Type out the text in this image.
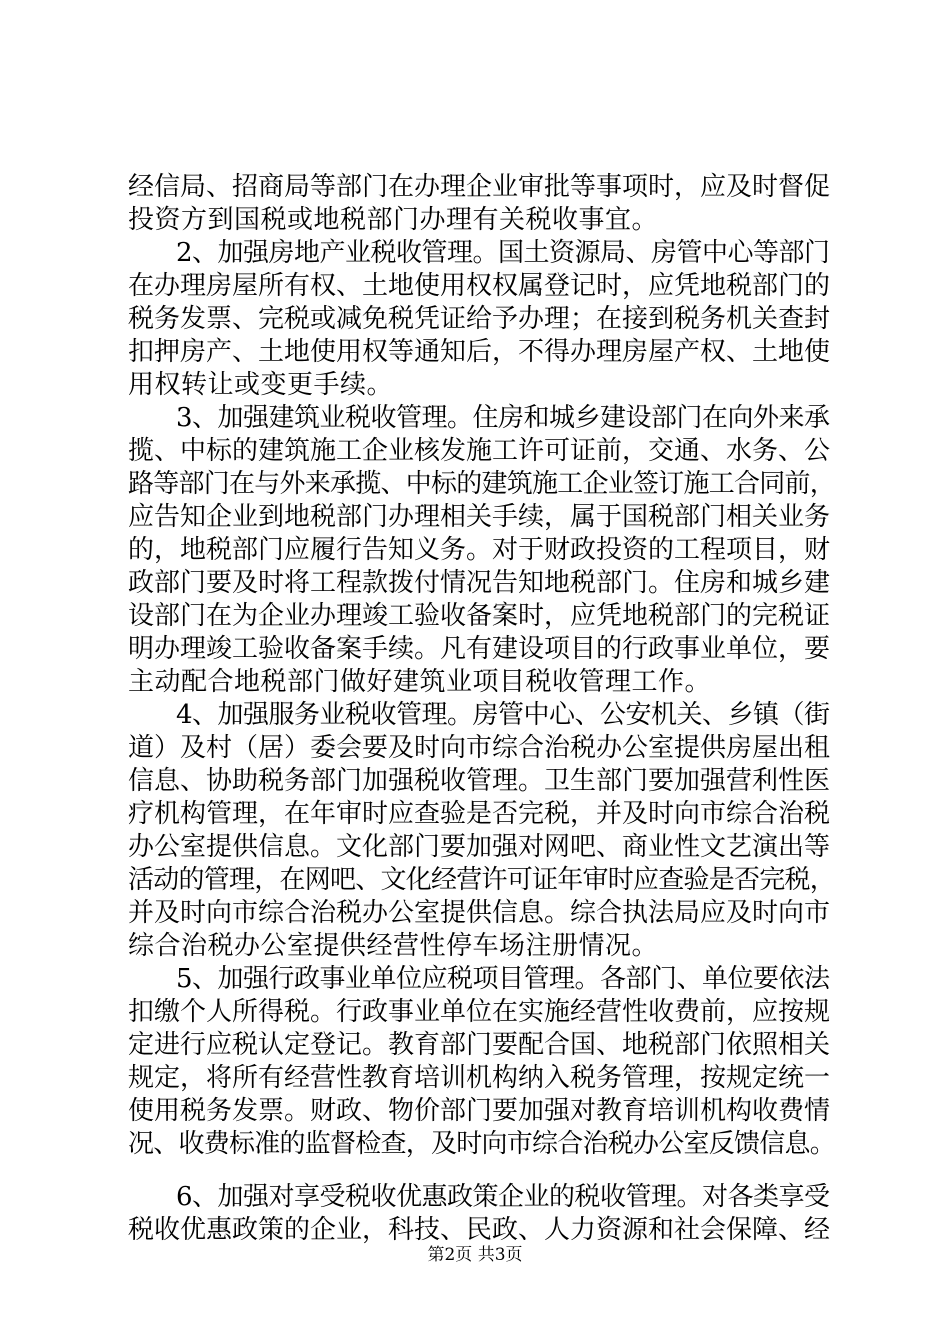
经信局、招商局等部门在办理企业审批等事项时，应及时督促
投资方到国税或地税部门办理有关税收事宜。
2、加强房地产业税收管理。国土资源局、房管中心等部门
在办理房屋所有权、土地使用权权属登记时，应凭地税部门的
税务发票、完税或减免税凭证给予办理；在接到税务机关查封
扣押房产、土地使用权等通知后，不得办理房屋产权、土地使
用权转让或变更手续。
3、加强建筑业税收管理。住房和城乡建设部门在向外来承
揽、中标的建筑施工企业核发施工许可证前，交通、水务、公
路等部门在与外来承揽、中标的建筑施工企业签订施工合同前，
应告知企业到地税部门办理相关手续，属于国税部门相关业务
的，地税部门应履行告知义务。对于财政投资的工程项目，财
政部门要及时将工程款拨付情况告知地税部门。住房和城乡建
设部门在为企业办理竣工验收备案时，应凭地税部门的完税证
明办理竣工验收备案手续。凡有建设项目的行政事业单位，要
主动配合地税部门做好建筑业项目税收管理工作。
4、加强服务业税收管理。房管中心、公安机关、乡镇（街
道）及村（居）委会要及时向市综合治税办公室提供房屋出租
信息、协助税务部门加强税收管理。卫生部门要加强营利性医
疗机构管理，在年审时应查验是否完税，并及时向市综合治税
办公室提供信息。文化部门要加强对网吧、商业性文艺演出等
活动的管理，在网吧、文化经营许可证年审时应查验是否完税，
并及时向市综合治税办公室提供信息。综合执法局应及时向市
综合治税办公室提供经营性停车场注册情况。
5、加强行政事业单位应税项目管理。各部门、单位要依法
扣缴个人所得税。行政事业单位在实施经营性收费前，应按规
定进行应税认定登记。教育部门要配合国、地税部门依照相关
规定，将所有经营性教育培训机构纳入税务管理，按规定统一
使用税务发票。财政、物价部门要加强对教育培训机构收费情
况、收费标准的监督检查，及时向市综合治税办公室反馈信息。
6、加强对享受税收优惠政策企业的税收管理。对各类享受
税收优惠政策的企业，科技、民政、人力资源和社会保障、经
第2页 共3页
